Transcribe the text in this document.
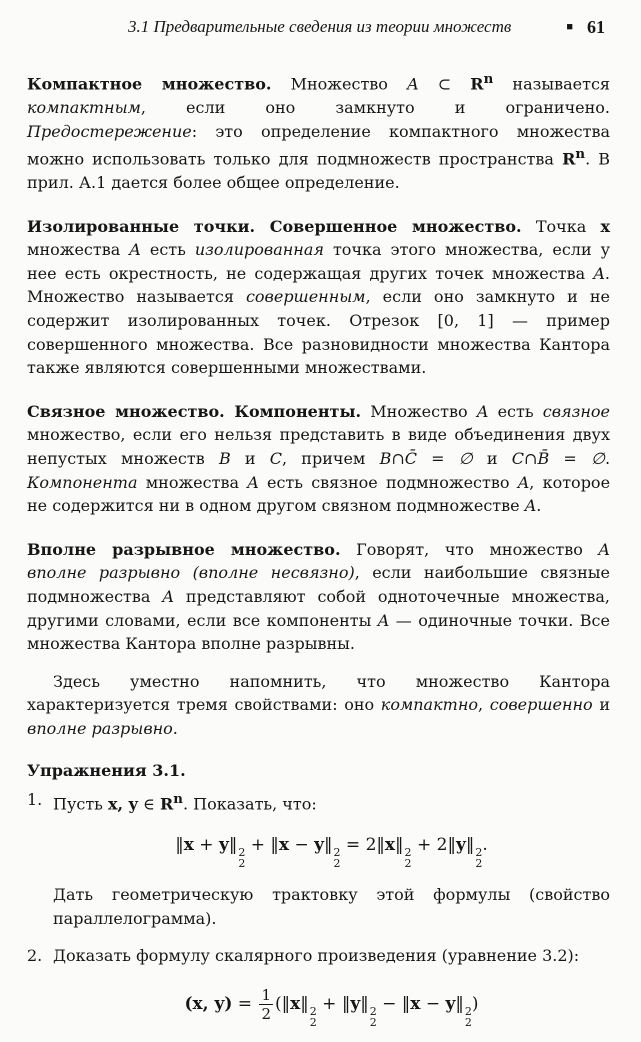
3.1 Предварительные сведения из теории множеств	■ 61

Компактное множество. Множество A ⊂ $R^n$ называется компактным, если оно замкнуто и ограничено. Предостережение: это определение компактного множества можно использовать только для подмножеств пространства $R^n$. В прил. А.1 дается более общее определение.

Изолированные точки. Совершенное множество. Точка x множества A есть изолированная точка этого множества, если у нее есть окрестность, не содержащая других точек множества A. Множество называется совершенным, если оно замкнуто и не содержит изолированных точек. Отрезок [0, 1] — пример совершенного множества. Все разновидности множества Кантора также являются совершенными множествами.

Связное множество. Компоненты. Множество A есть связное множество, если его нельзя представить в виде объединения двух непустых множеств B и C, причем B∩C̄ = ∅ и C∩B̄ = ∅. Компонента множества A есть связное подмножество A, которое не содержится ни в одном другом связном подмножестве A.

Вполне разрывное множество. Говорят, что множество A вполне разрывно (вполне несвязно), если наибольшие связные подмножества A представляют собой одноточечные множества, другими словами, если все компоненты A — одиночные точки. Все множества Кантора вполне разрывны.

Здесь уместно напомнить, что множество Кантора характеризуется тремя свойствами: оно компактно, совершенно и вполне разрывно.

Упражнения 3.1.

1. Пусть x, y ∈ $R^n$. Показать, что:

‖x + y‖ 2
2
+ ‖x − y‖ 2
2
= 2‖x‖ 2
2
+ 2‖y‖ 2
2
.

Дать геометрическую трактовку этой формулы (свойство параллелограмма).

2. Доказать формулу скалярного произведения (уравнение 3.2):

(x, $y) = \frac{1}{2}$ (‖x‖ 2
2
+ ‖y‖ 2
2
− ‖x − y‖ 2
2
)
